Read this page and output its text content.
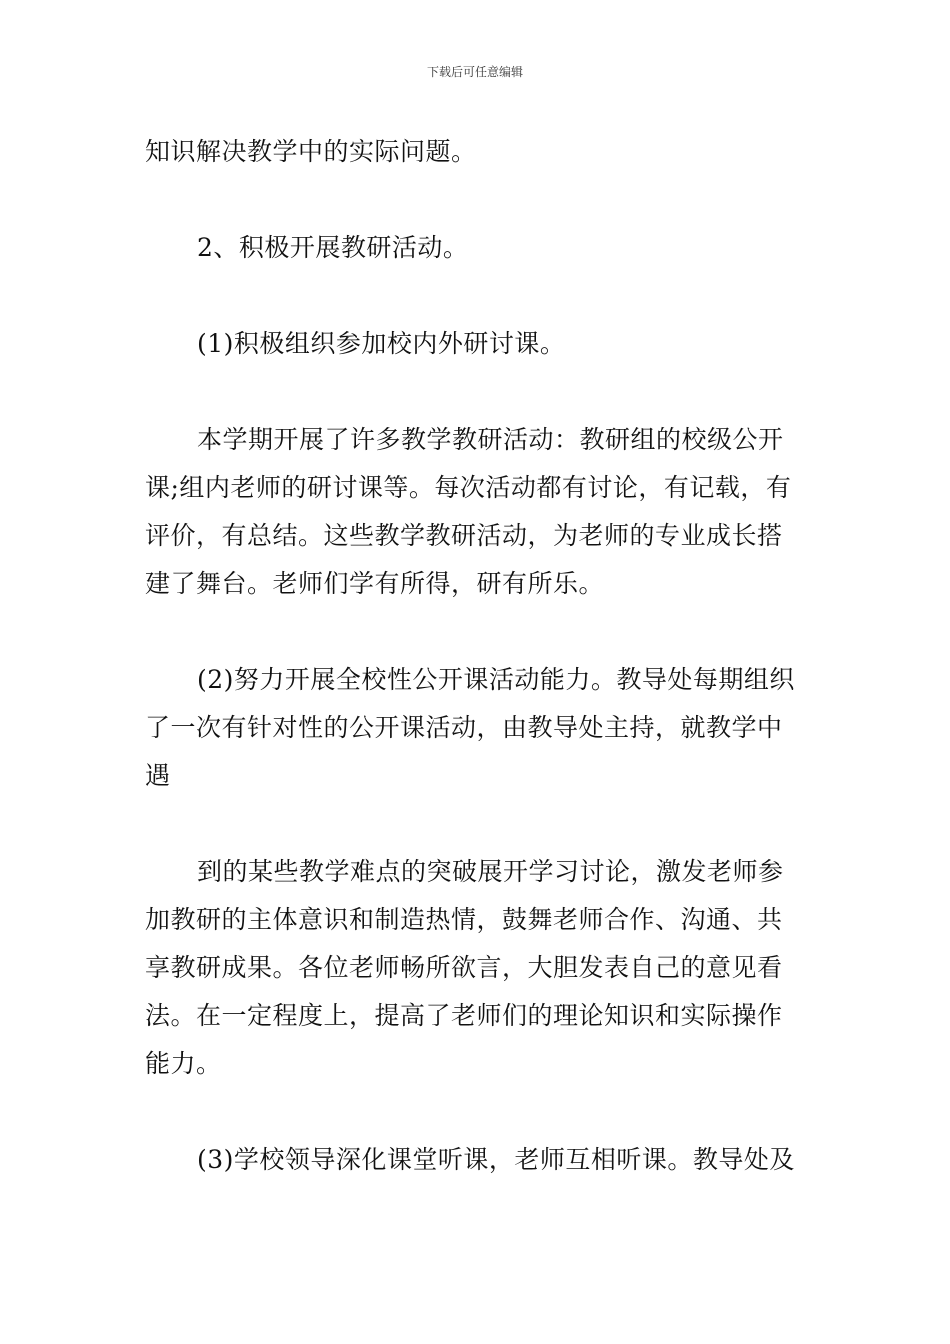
下载后可任意编辑

知识解决教学中的实际问题。

2、积极开展教研活动。

(1)积极组织参加校内外研讨课。

本学期开展了许多教学教研活动：教研组的校级公开
课;组内老师的研讨课等。每次活动都有讨论，有记载，有
评价，有总结。这些教学教研活动，为老师的专业成长搭
建了舞台。老师们学有所得，研有所乐。

(2)努力开展全校性公开课活动能力。教导处每期组织
了一次有针对性的公开课活动，由教导处主持，就教学中
遇

到的某些教学难点的突破展开学习讨论，激发老师参
加教研的主体意识和制造热情，鼓舞老师合作、沟通、共
享教研成果。各位老师畅所欲言，大胆发表自己的意见看
法。在一定程度上，提高了老师们的理论知识和实际操作
能力。

(3)学校领导深化课堂听课，老师互相听课。教导处及
